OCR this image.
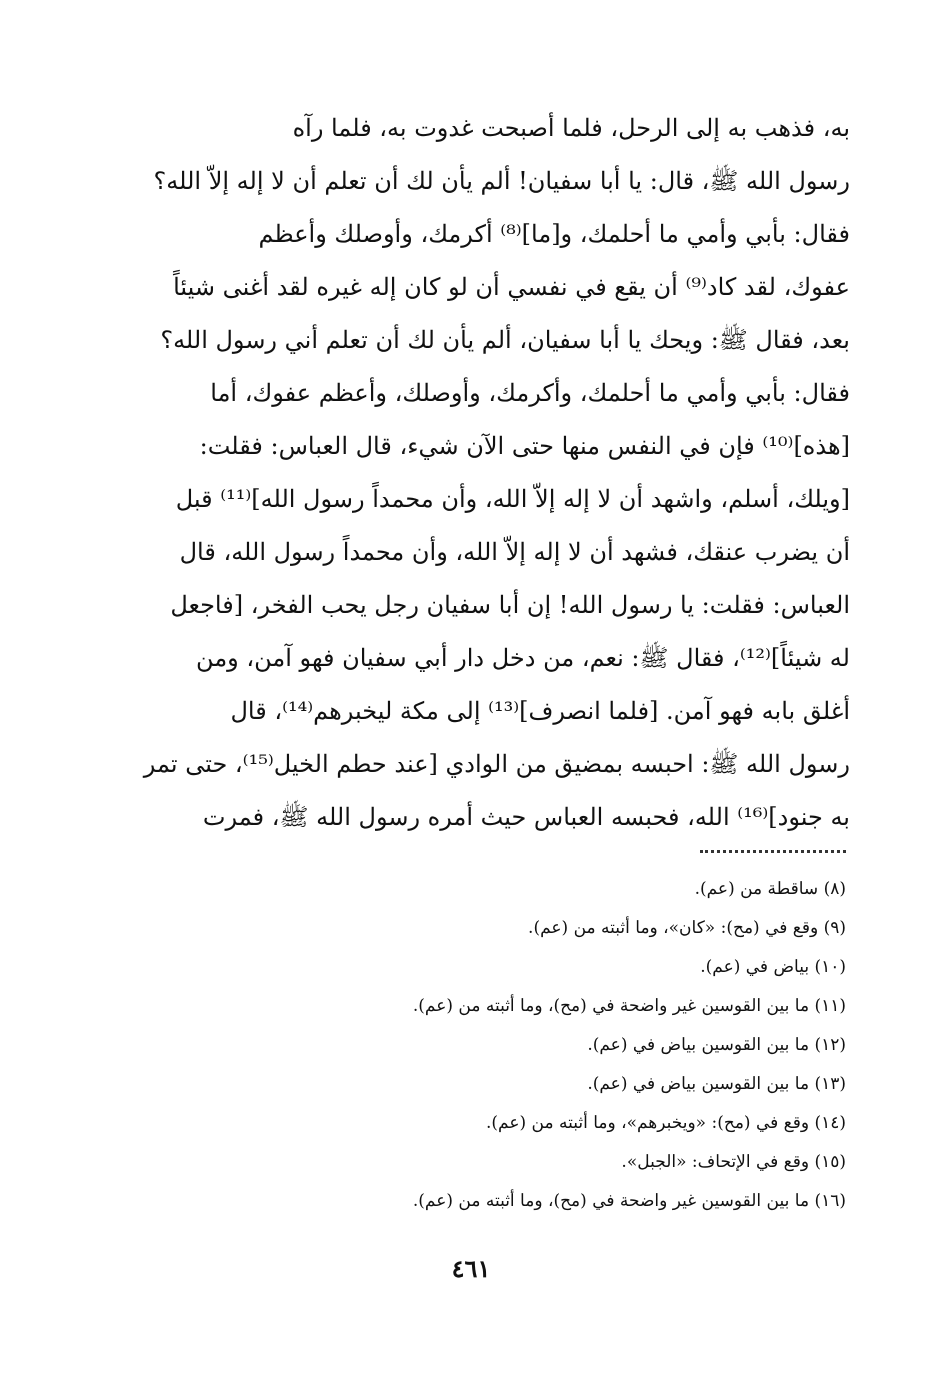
به، فذهب به إلى الرحل، فلما أصبحت غدوت به، فلما رآه
رسول الله ﷺ، قال: يا أبا سفيان! ألم يأن لك أن تعلم أن لا إله إلاّ الله؟
فقال: بأبي وأمي ما أحلمك، و[ما]⁽⁸⁾ أكرمك، وأوصلك وأعظم
عفوك، لقد كاد⁽⁹⁾ أن يقع في نفسي أن لو كان إله غيره لقد أغنى شيئاً
بعد، فقال ﷺ: ويحك يا أبا سفيان، ألم يأن لك أن تعلم أني رسول الله؟
فقال: بأبي وأمي ما أحلمك، وأكرمك، وأوصلك، وأعظم عفوك، أما
[هذه]⁽¹⁰⁾ فإن في النفس منها حتى الآن شيء، قال العباس: فقلت:
[ويلك، أسلم، واشهد أن لا إله إلاّ الله، وأن محمداً رسول الله]⁽¹¹⁾ قبل
أن يضرب عنقك، فشهد أن لا إله إلاّ الله، وأن محمداً رسول الله، قال
العباس: فقلت: يا رسول الله! إن أبا سفيان رجل يحب الفخر، [فاجعل
له شيئاً]⁽¹²⁾، فقال ﷺ: نعم، من دخل دار أبي سفيان فهو آمن، ومن
أغلق بابه فهو آمن. [فلما انصرف]⁽¹³⁾ إلى مكة ليخبرهم⁽¹⁴⁾، قال
رسول الله ﷺ: احبسه بمضيق من الوادي [عند حطم الخيل⁽¹⁵⁾، حتى تمر
به جنود]⁽¹⁶⁾ الله، فحبسه العباس حيث أمره رسول الله ﷺ، فمرت
(٨) ساقطة من (عم).
(٩) وقع في (مح): «كان»، وما أثبته من (عم).
(١٠) بياض في (عم).
(١١) ما بين القوسين غير واضحة في (مح)، وما أثبته من (عم).
(١٢) ما بين القوسين بياض في (عم).
(١٣) ما بين القوسين بياض في (عم).
(١٤) وقع في (مح): «ويخبرهم»، وما أثبته من (عم).
(١٥) وقع في الإتحاف: «الجبل».
(١٦) ما بين القوسين غير واضحة في (مح)، وما أثبته من (عم).
٤٦١
